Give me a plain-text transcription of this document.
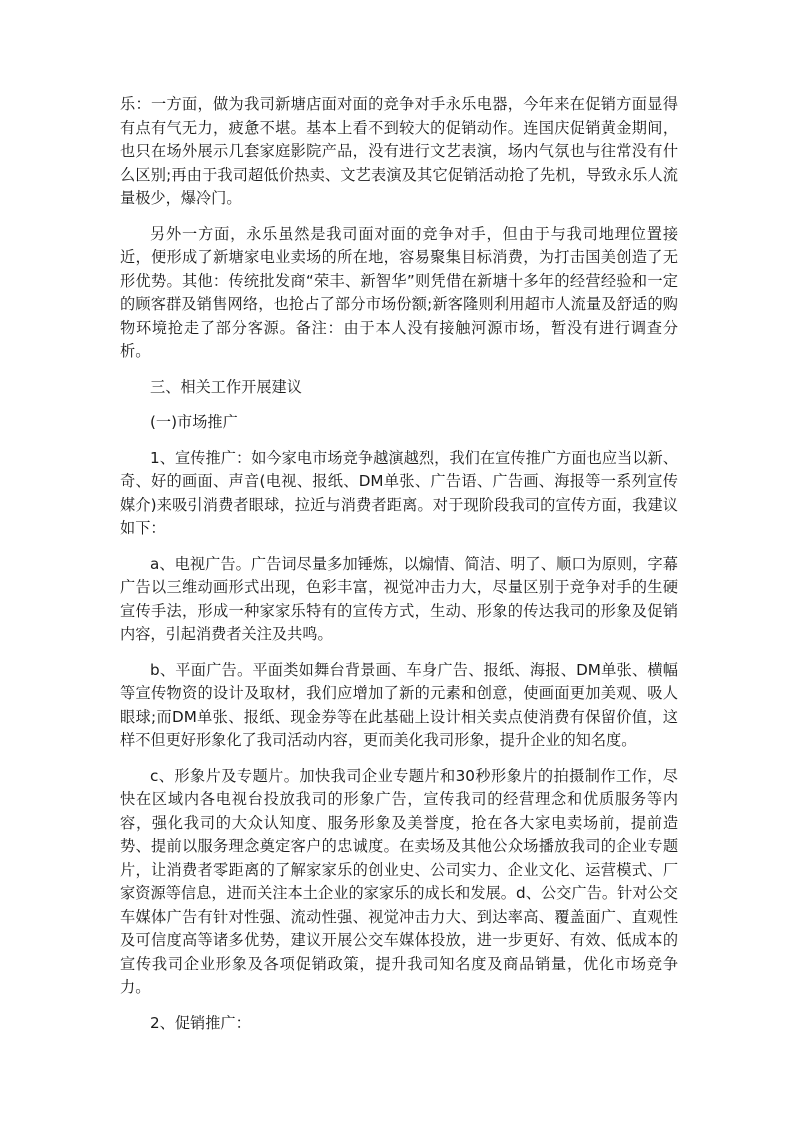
乐：一方面，做为我司新塘店面对面的竞争对手永乐电器，今年来在促销方面显得有点有气无力，疲惫不堪。基本上看不到较大的促销动作。连国庆促销黄金期间，也只在场外展示几套家庭影院产品，没有进行文艺表演，场内气氛也与往常没有什么区别;再由于我司超低价热卖、文艺表演及其它促销活动抢了先机，导致永乐人流量极少，爆冷门。

另外一方面，永乐虽然是我司面对面的竞争对手，但由于与我司地理位置接近，便形成了新塘家电业卖场的所在地，容易聚集目标消费，为打击国美创造了无形优势。其他：传统批发商“荣丰、新智华”则凭借在新塘十多年的经营经验和一定的顾客群及销售网络，也抢占了部分市场份额;新客隆则利用超市人流量及舒适的购物环境抢走了部分客源。备注：由于本人没有接触河源市场，暂没有进行调查分析。

三、相关工作开展建议

(一)市场推广

1、宣传推广：如今家电市场竞争越演越烈，我们在宣传推广方面也应当以新、奇、好的画面、声音(电视、报纸、DM单张、广告语、广告画、海报等一系列宣传媒介)来吸引消费者眼球，拉近与消费者距离。对于现阶段我司的宣传方面，我建议如下：

a、电视广告。广告词尽量多加锤炼，以煽情、简洁、明了、顺口为原则，字幕广告以三维动画形式出现，色彩丰富，视觉冲击力大，尽量区别于竞争对手的生硬宣传手法，形成一种家家乐特有的宣传方式，生动、形象的传达我司的形象及促销内容，引起消费者关注及共鸣。

b、平面广告。平面类如舞台背景画、车身广告、报纸、海报、DM单张、横幅等宣传物资的设计及取材，我们应增加了新的元素和创意，使画面更加美观、吸人眼球;而DM单张、报纸、现金券等在此基础上设计相关卖点使消费有保留价值，这样不但更好形象化了我司活动内容，更而美化我司形象，提升企业的知名度。

c、形象片及专题片。加快我司企业专题片和30秒形象片的拍摄制作工作，尽快在区域内各电视台投放我司的形象广告，宣传我司的经营理念和优质服务等内容，强化我司的大众认知度、服务形象及美誉度，抢在各大家电卖场前，提前造势、提前以服务理念奠定客户的忠诚度。在卖场及其他公众场播放我司的企业专题片，让消费者零距离的了解家家乐的创业史、公司实力、企业文化、运营模式、厂家资源等信息，进而关注本土企业的家家乐的成长和发展。d、公交广告。针对公交车媒体广告有针对性强、流动性强、视觉冲击力大、到达率高、覆盖面广、直观性及可信度高等诸多优势，建议开展公交车媒体投放，进一步更好、有效、低成本的宣传我司企业形象及各项促销政策，提升我司知名度及商品销量，优化市场竞争力。

2、促销推广：
